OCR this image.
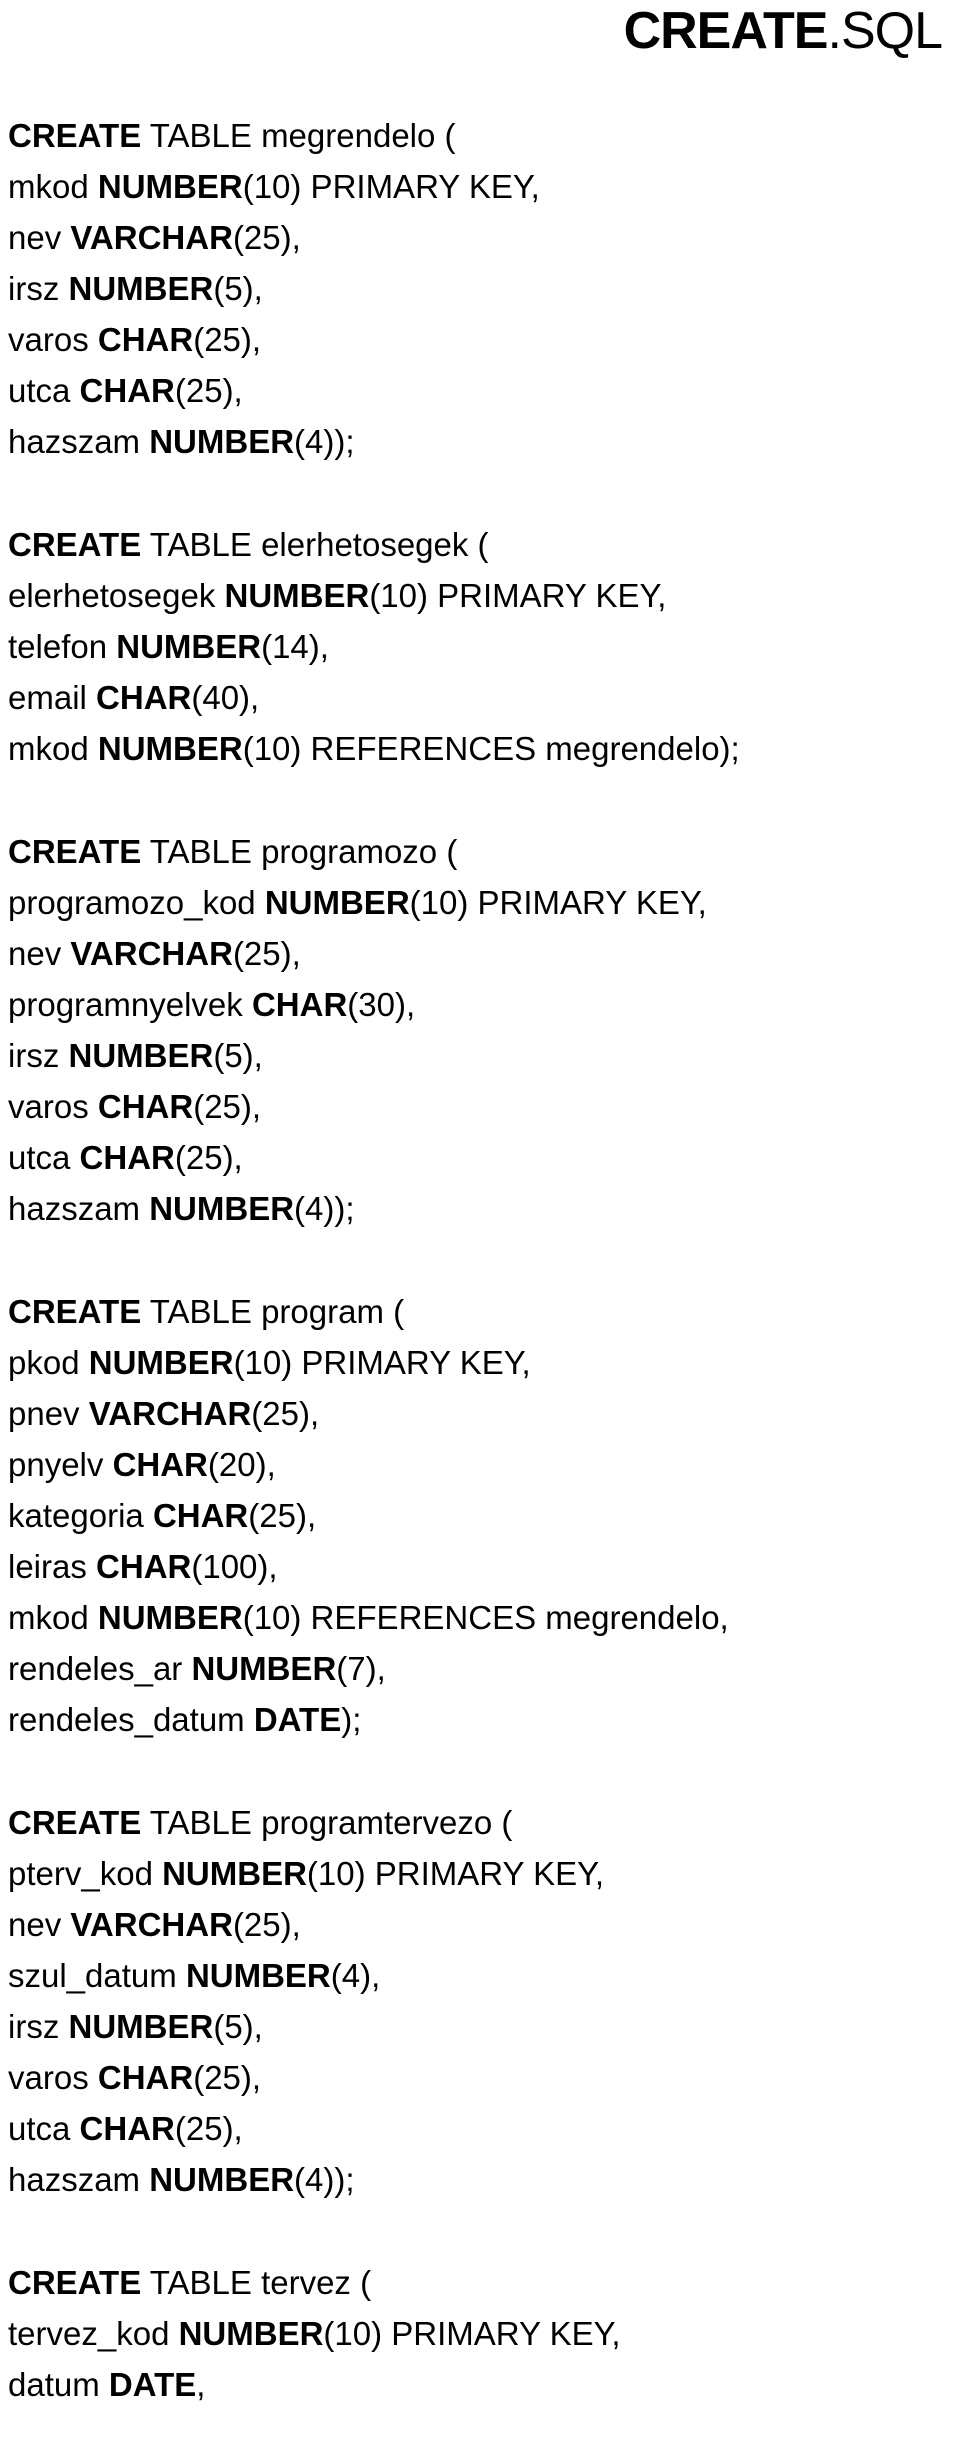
CREATE.SQL
CREATE TABLE megrendelo (
mkod NUMBER(10) PRIMARY KEY,
nev VARCHAR(25),
irsz NUMBER(5),
varos CHAR(25),
utca CHAR(25),
hazszam NUMBER(4));
CREATE TABLE elerhetosegek (
elerhetosegek NUMBER(10) PRIMARY KEY,
telefon NUMBER(14),
email CHAR(40),
mkod NUMBER(10) REFERENCES megrendelo);
CREATE TABLE programozo (
programozo_kod NUMBER(10) PRIMARY KEY,
nev VARCHAR(25),
programnyelvek CHAR(30),
irsz NUMBER(5),
varos CHAR(25),
utca CHAR(25),
hazszam NUMBER(4));
CREATE TABLE program (
pkod NUMBER(10) PRIMARY KEY,
pnev VARCHAR(25),
pnyelv CHAR(20),
kategoria CHAR(25),
leiras CHAR(100),
mkod NUMBER(10) REFERENCES megrendelo,
rendeles_ar NUMBER(7),
rendeles_datum DATE);
CREATE TABLE programtervezo (
pterv_kod NUMBER(10) PRIMARY KEY,
nev VARCHAR(25),
szul_datum NUMBER(4),
irsz NUMBER(5),
varos CHAR(25),
utca CHAR(25),
hazszam NUMBER(4));
CREATE TABLE tervez (
tervez_kod NUMBER(10) PRIMARY KEY,
datum DATE,
